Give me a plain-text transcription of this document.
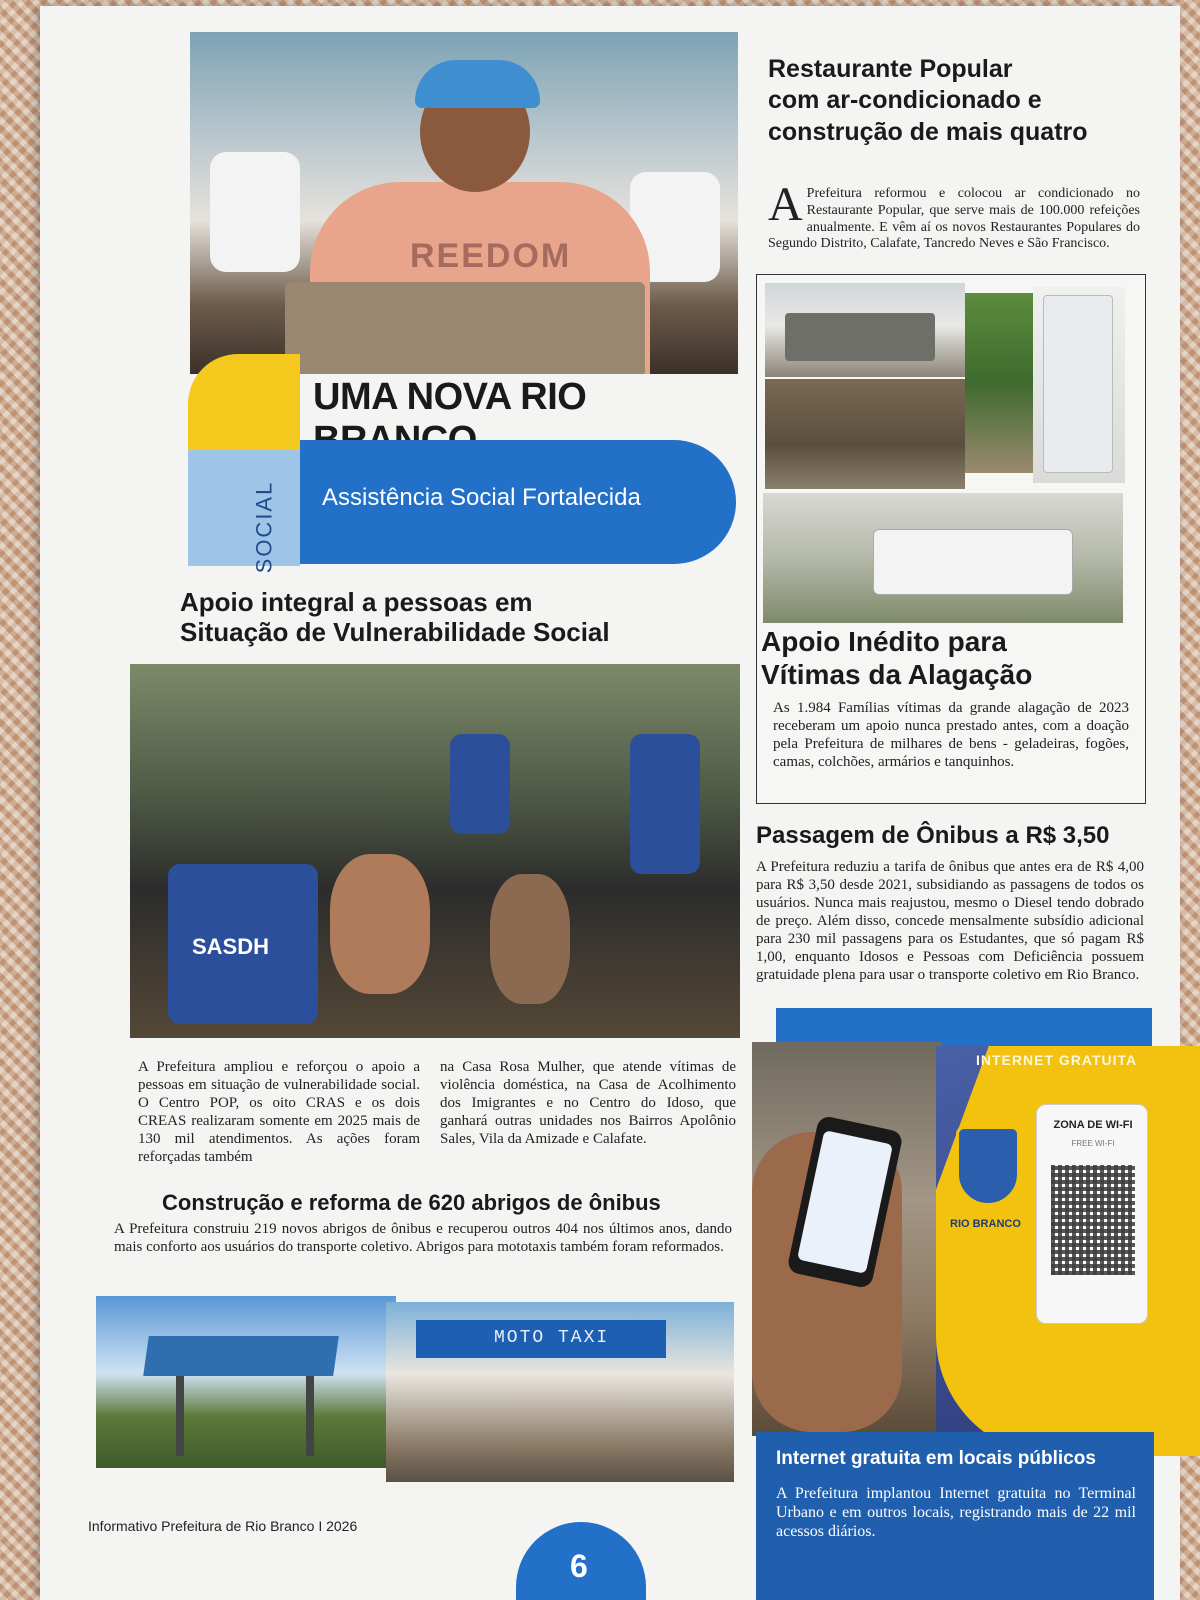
REEDOM
SOCIAL
UMA NOVA RIO
Assistência Social Fortalecida
Apoio integral a pessoas em
Situação de Vulnerabilidade Social
SASDH
A Prefeitura ampliou e reforçou o apoio a pessoas em situação de vulnerabilidade social. O Centro POP, os oito CRAS e os dois CREAS realizaram somente em 2025 mais de 130 mil atendimentos. As ações foram reforçadas também
na Casa Rosa Mulher, que atende vítimas de violência doméstica, na Casa de Acolhimento dos Imigrantes e no Centro do Idoso, que ganhará outras unidades nos Bairros Apolônio Sales, Vila da Amizade e Calafate.
Construção e reforma de 620 abrigos de ônibus
A Prefeitura construiu 219 novos abrigos de ônibus e recuperou outros 404 nos últimos anos, dando mais conforto aos usuários do transporte coletivo. Abrigos para mototaxis também foram reformados.
MOTO TAXI
Informativo Prefeitura de Rio Branco I 2026
6
Restaurante Popular
com ar-condicionado e
construção de mais quatro
A Prefeitura reformou e colocou ar condicionado no Restaurante Popular, que serve mais de 100.000 refeições anualmente. E vêm aí os novos Restaurantes Populares do Segundo Distrito, Calafate, Tancredo Neves e São Francisco.
Apoio Inédito para
Vítimas da Alagação
As 1.984 Famílias vítimas da grande alagação de 2023 receberam um apoio nunca prestado antes, com a doação pela Prefeitura de milhares de bens - geladeiras, fogões, camas, colchões, armários e tanquinhos.
Passagem de Ônibus a R$ 3,50
A Prefeitura reduziu a tarifa de ônibus que antes era de R$ 4,00 para R$ 3,50 desde 2021, subsidiando as passagens de todos os usuários. Nunca mais reajustou, mesmo o Diesel tendo dobrado de preço. Além disso, concede mensalmente subsídio adicional para 230 mil passagens para os Estudantes, que só pagam R$ 1,00, enquanto Idosos e Pessoas com Deficiência possuem gratuidade plena para usar o transporte coletivo em Rio Branco.
INTERNET GRATUITA
RIO BRANCO
ZONA DE WI-FI
FREE WI-FI
Internet gratuita em locais públicos

A Prefeitura implantou Internet gratuita no Terminal Urbano e em outros locais, registrando mais de 22 mil acessos diários.
